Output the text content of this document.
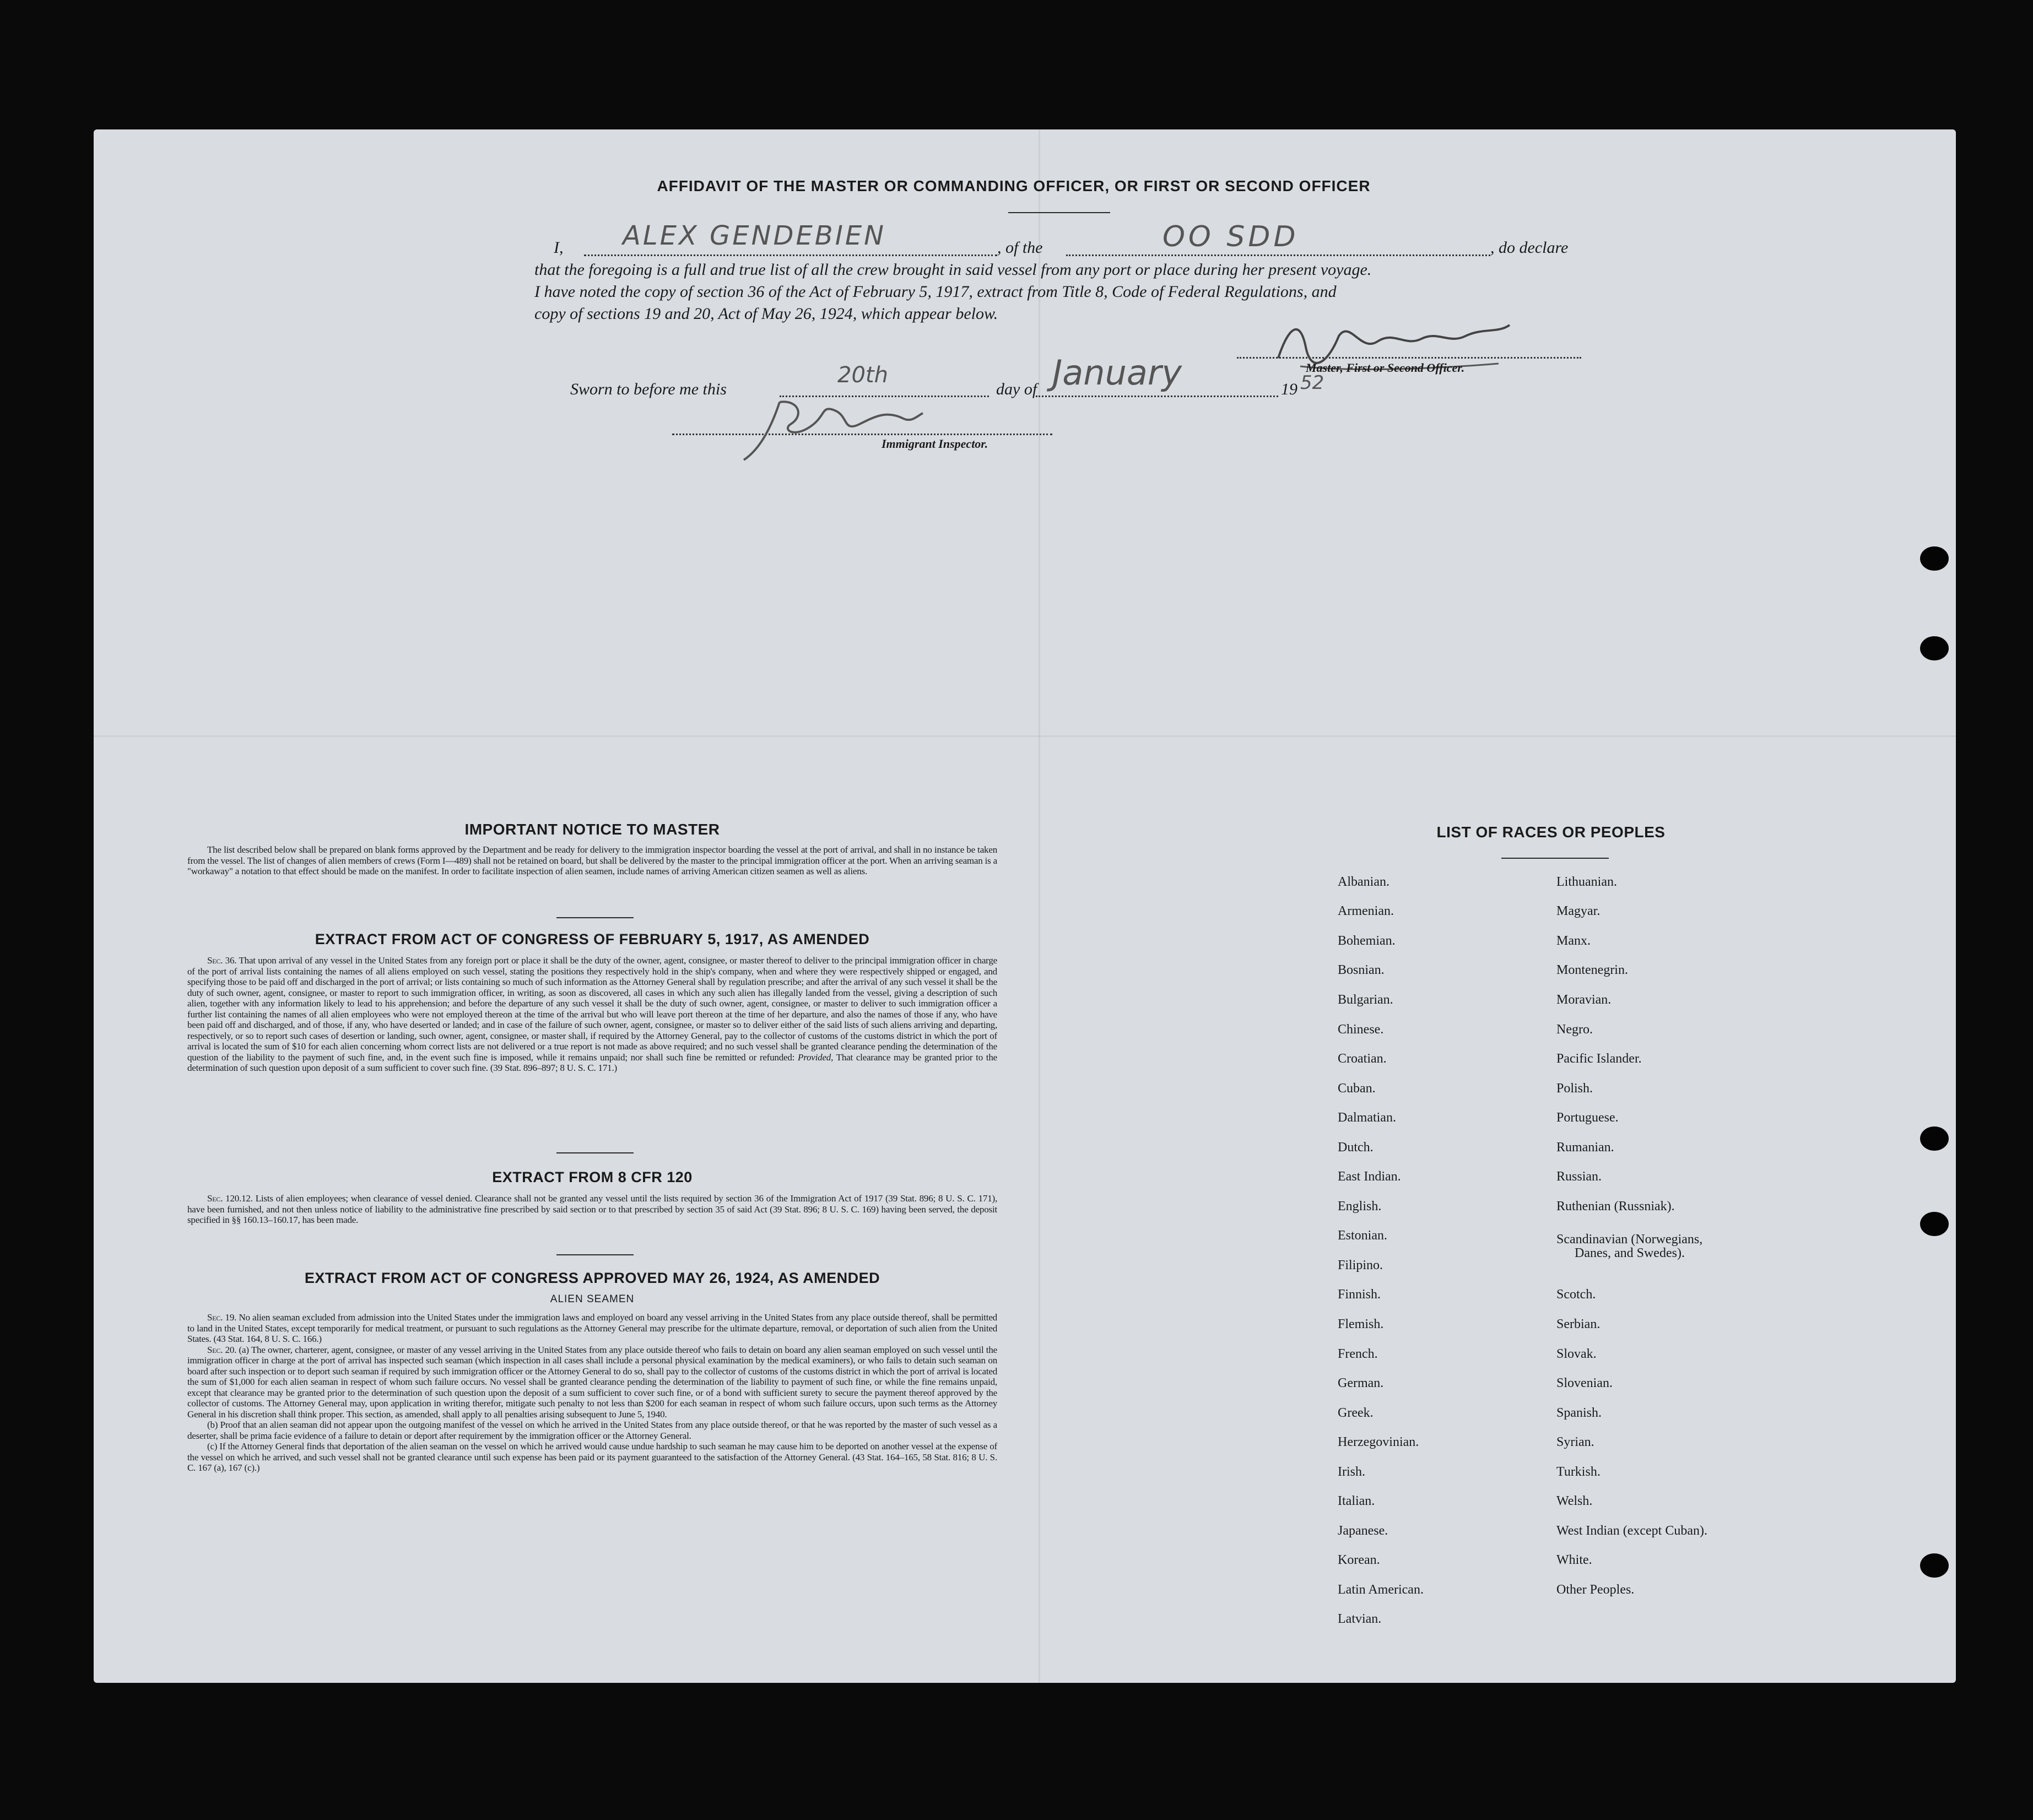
AFFIDAVIT OF THE MASTER OR COMMANDING OFFICER, OR FIRST OR SECOND OFFICER
I, ALEX GENDEBIEN	, of the	OO SDD	, do declare
that the foregoing is a full and true list of all the crew brought in said vessel from any port or place during her present voyage.
I have noted the copy of section 36 of the Act of February 5, 1917, extract from Title 8, Code of Federal Regulations, and
copy of sections 19 and 20, Act of May 26, 1924, which appear below.
Master, First or Second Officer.
Sworn to before me this
20th
day of January	19 52
Immigrant Inspector.
IMPORTANT NOTICE TO MASTER

The list described below shall be prepared on blank forms approved by the Department and be ready for delivery to the immigration inspector boarding the vessel at the port of arrival, and shall in no instance be taken from the vessel. The list of changes of alien members of crews (Form I—489) shall not be retained on board, but shall be delivered by the master to the principal immigration officer at the port. When an arriving seaman is a "workaway" a notation to that effect should be made on the manifest. In order to facilitate inspection of alien seamen, include names of arriving American citizen seamen as well as aliens.

EXTRACT FROM ACT OF CONGRESS OF FEBRUARY 5, 1917, AS AMENDED

Sec. 36. That upon arrival of any vessel in the United States from any foreign port or place it shall be the duty of the owner, agent, consignee, or master thereof to deliver to the principal immigration officer in charge of the port of arrival lists containing the names of all aliens employed on such vessel, stating the positions they respectively hold in the ship's company, when and where they were respectively shipped or engaged, and specifying those to be paid off and discharged in the port of arrival; or lists containing so much of such information as the Attorney General shall by regulation prescribe; and after the arrival of any such vessel it shall be the duty of such owner, agent, consignee, or master to report to such immigration officer, in writing, as soon as discovered, all cases in which any such alien has illegally landed from the vessel, giving a description of such alien, together with any information likely to lead to his apprehension; and before the departure of any such vessel it shall be the duty of such owner, agent, consignee, or master to deliver to such immigration officer a further list containing the names of all alien employees who were not employed thereon at the time of the arrival but who will leave port thereon at the time of her departure, and also the names of those if any, who have been paid off and discharged, and of those, if any, who have deserted or landed; and in case of the failure of such owner, agent, consignee, or master so to deliver either of the said lists of such aliens arriving and departing, respectively, or so to report such cases of desertion or landing, such owner, agent, consignee, or master shall, if required by the Attorney General, pay to the collector of customs of the customs district in which the port of arrival is located the sum of $10 for each alien concerning whom correct lists are not delivered or a true report is not made as above required; and no such vessel shall be granted clearance pending the determination of the question of the liability to the payment of such fine, and, in the event such fine is imposed, while it remains unpaid; nor shall such fine be remitted or refunded: Provided, That clearance may be granted prior to the determination of such question upon deposit of a sum sufficient to cover such fine. (39 Stat. 896–897; 8 U. S. C. 171.)

EXTRACT FROM 8 CFR 120

Sec. 120.12. Lists of alien employees; when clearance of vessel denied. Clearance shall not be granted any vessel until the lists required by section 36 of the Immigration Act of 1917 (39 Stat. 896; 8 U. S. C. 171), have been furnished, and not then unless notice of liability to the administrative fine prescribed by said section or to that prescribed by section 35 of said Act (39 Stat. 896; 8 U. S. C. 169) having been served, the deposit specified in §§ 160.13–160.17, has been made.

EXTRACT FROM ACT OF CONGRESS APPROVED MAY 26, 1924, AS AMENDED
ALIEN SEAMEN

Sec. 19. No alien seaman excluded from admission into the United States under the immigration laws and employed on board any vessel arriving in the United States from any place outside thereof, shall be permitted to land in the United States, except temporarily for medical treatment, or pursuant to such regulations as the Attorney General may prescribe for the ultimate departure, removal, or deportation of such alien from the United States. (43 Stat. 164, 8 U. S. C. 166.)

Sec. 20. (a) The owner, charterer, agent, consignee, or master of any vessel arriving in the United States from any place outside thereof who fails to detain on board any alien seaman employed on such vessel until the immigration officer in charge at the port of arrival has inspected such seaman (which inspection in all cases shall include a personal physical examination by the medical examiners), or who fails to detain such seaman on board after such inspection or to deport such seaman if required by such immigration officer or the Attorney General to do so, shall pay to the collector of customs of the customs district in which the port of arrival is located the sum of $1,000 for each alien seaman in respect of whom such failure occurs. No vessel shall be granted clearance pending the determination of the liability to payment of such fine, or while the fine remains unpaid, except that clearance may be granted prior to the determination of such question upon the deposit of a sum sufficient to cover such fine, or of a bond with sufficient surety to secure the payment thereof approved by the collector of customs. The Attorney General may, upon application in writing therefor, mitigate such penalty to not less than $200 for each seaman in respect of whom such failure occurs, upon such terms as the Attorney General in his discretion shall think proper. This section, as amended, shall apply to all penalties arising subsequent to June 5, 1940.

(b) Proof that an alien seaman did not appear upon the outgoing manifest of the vessel on which he arrived in the United States from any place outside thereof, or that he was reported by the master of such vessel as a deserter, shall be prima facie evidence of a failure to detain or deport after requirement by the immigration officer or the Attorney General.

(c) If the Attorney General finds that deportation of the alien seaman on the vessel on which he arrived would cause undue hardship to such seaman he may cause him to be deported on another vessel at the expense of the vessel on which he arrived, and such vessel shall not be granted clearance until such expense has been paid or its payment guaranteed to the satisfaction of the Attorney General. (43 Stat. 164–165, 58 Stat. 816; 8 U. S. C. 167 (a), 167 (c).)

LIST OF RACES OR PEOPLES
Albanian.
Armenian.
Bohemian.
Bosnian.
Bulgarian.
Chinese.
Croatian.
Cuban.
Dalmatian.
Dutch.
East Indian.
English.
Estonian.
Filipino.
Finnish.
Flemish.
French.
German.
Greek.
Herzegovinian.
Irish.
Italian.
Japanese.
Korean.
Latin American.
Latvian.
Lithuanian.
Magyar.
Manx.
Montenegrin.
Moravian.
Negro.
Pacific Islander.
Polish.
Portuguese.
Rumanian.
Russian.
Ruthenian (Russniak).
Scandinavian (Norwegians,
Danes, and Swedes).
Scotch.
Serbian.
Slovak.
Slovenian.
Spanish.
Syrian.
Turkish.
Welsh.
West Indian (except Cuban).
White.
Other Peoples.
